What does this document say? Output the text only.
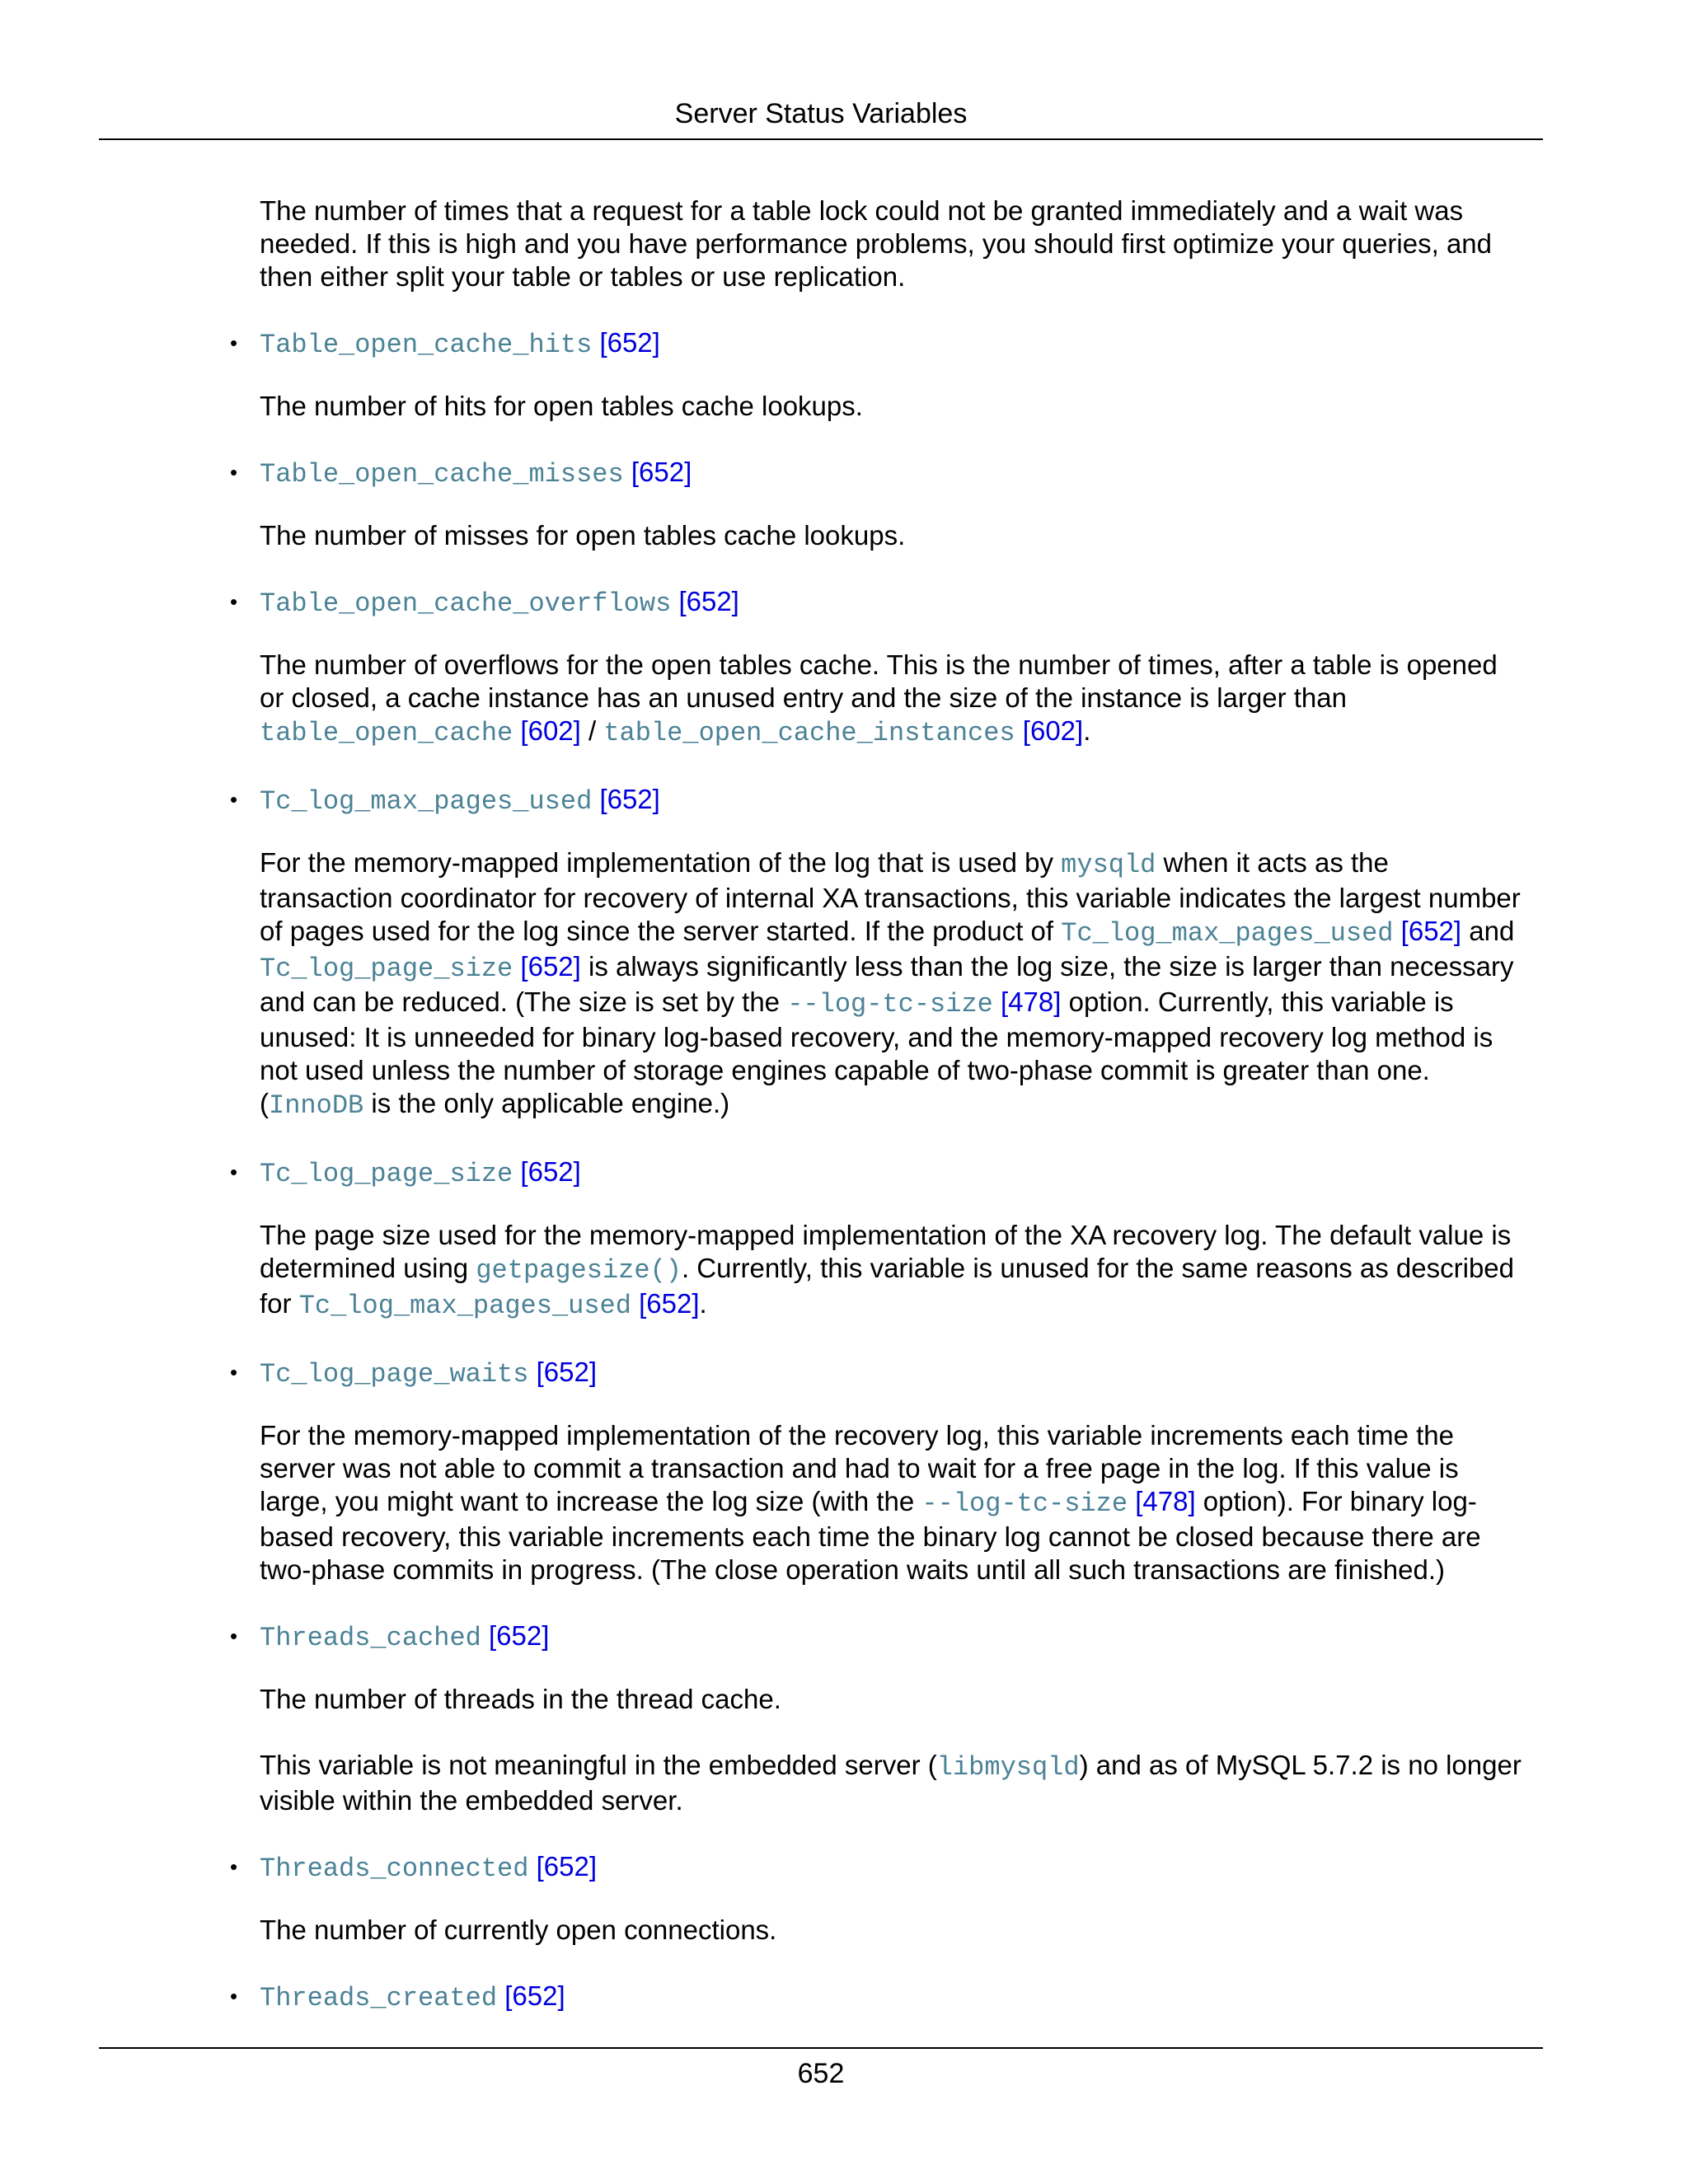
Server Status Variables

The number of times that a request for a table lock could not be granted immediately and a wait was needed. If this is high and you have performance problems, you should first optimize your queries, and then either split your table or tables or use replication.

• Table_open_cache_hits [652]

The number of hits for open tables cache lookups.

• Table_open_cache_misses [652]

The number of misses for open tables cache lookups.

• Table_open_cache_overflows [652]

The number of overflows for the open tables cache. This is the number of times, after a table is opened or closed, a cache instance has an unused entry and the size of the instance is larger than table_open_cache [602] / table_open_cache_instances [602].

• Tc_log_max_pages_used [652]

For the memory-mapped implementation of the log that is used by mysqld when it acts as the transaction coordinator for recovery of internal XA transactions, this variable indicates the largest number of pages used for the log since the server started. If the product of Tc_log_max_pages_used [652] and Tc_log_page_size [652] is always significantly less than the log size, the size is larger than necessary and can be reduced. (The size is set by the --log-tc-size [478] option. Currently, this variable is unused: It is unneeded for binary log-based recovery, and the memory-mapped recovery log method is not used unless the number of storage engines capable of two-phase commit is greater than one. (InnoDB is the only applicable engine.)

• Tc_log_page_size [652]

The page size used for the memory-mapped implementation of the XA recovery log. The default value is determined using getpagesize(). Currently, this variable is unused for the same reasons as described for Tc_log_max_pages_used [652].

• Tc_log_page_waits [652]

For the memory-mapped implementation of the recovery log, this variable increments each time the server was not able to commit a transaction and had to wait for a free page in the log. If this value is large, you might want to increase the log size (with the --log-tc-size [478] option). For binary log-based recovery, this variable increments each time the binary log cannot be closed because there are two-phase commits in progress. (The close operation waits until all such transactions are finished.)

• Threads_cached [652]

The number of threads in the thread cache.

This variable is not meaningful in the embedded server (libmysqld) and as of MySQL 5.7.2 is no longer visible within the embedded server.

• Threads_connected [652]

The number of currently open connections.

• Threads_created [652]
652
